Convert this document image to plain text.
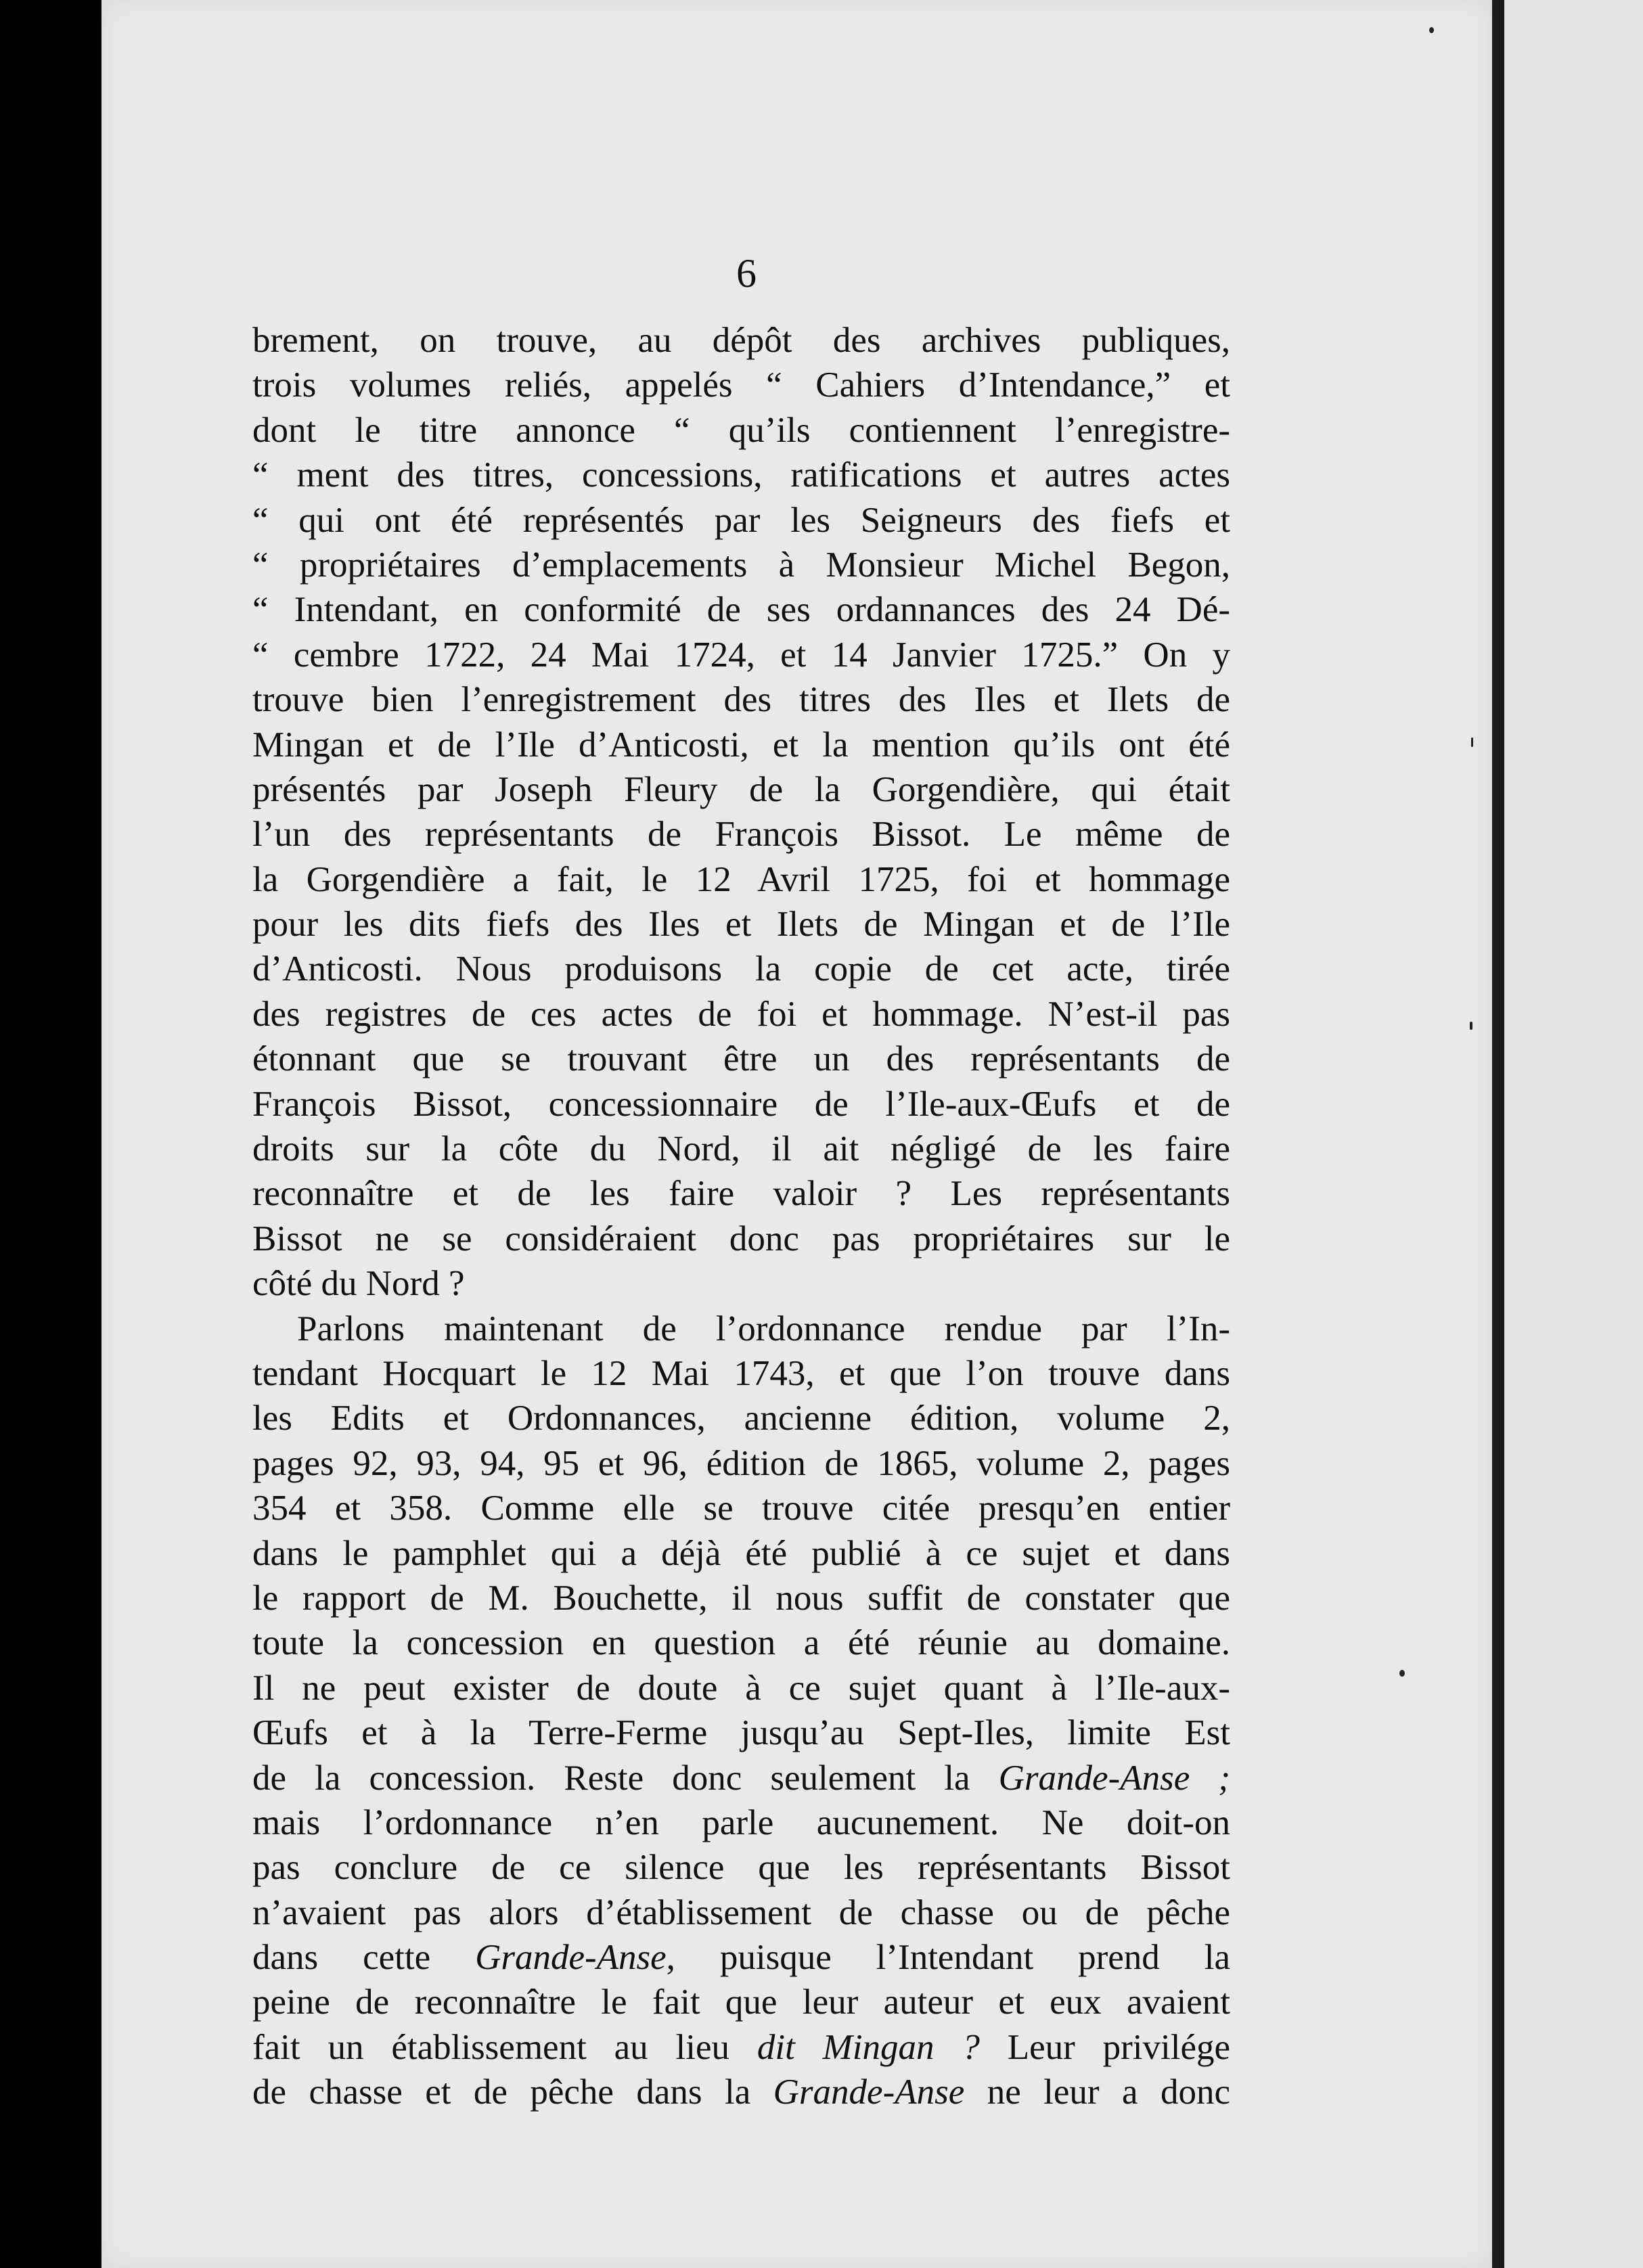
6
brement, on trouve, au dépôt des archives publiques,
trois volumes reliés, appelés “ Cahiers d’Intendance,” et
dont le titre annonce “ qu’ils contiennent l’enregistre-
“ ment des titres, concessions, ratifications et autres actes
“ qui ont été représentés par les Seigneurs des fiefs et
“ propriétaires d’emplacements à Monsieur Michel Begon,
“ Intendant, en conformité de ses ordannances des 24 Dé-
“ cembre 1722, 24 Mai 1724, et 14 Janvier 1725.” On y
trouve bien l’enregistrement des titres des Iles et Ilets de
Mingan et de l’Ile d’Anticosti, et la mention qu’ils ont été
présentés par Joseph Fleury de la Gorgendière, qui était
l’un des représentants de François Bissot. Le même de
la Gorgendière a fait, le 12 Avril 1725, foi et hommage
pour les dits fiefs des Iles et Ilets de Mingan et de l’Ile
d’Anticosti. Nous produisons la copie de cet acte, tirée
des registres de ces actes de foi et hommage. N’est-il pas
étonnant que se trouvant être un des représentants de
François Bissot, concessionnaire de l’Ile-aux-Œufs et de
droits sur la côte du Nord, il ait négligé de les faire
reconnaître et de les faire valoir ? Les représentants
Bissot ne se considéraient donc pas propriétaires sur le
côté du Nord ?
Parlons maintenant de l’ordonnance rendue par l’In-
tendant Hocquart le 12 Mai 1743, et que l’on trouve dans
les Edits et Ordonnances, ancienne édition, volume 2,
pages 92, 93, 94, 95 et 96, édition de 1865, volume 2, pages
354 et 358. Comme elle se trouve citée presqu’en entier
dans le pamphlet qui a déjà été publié à ce sujet et dans
le rapport de M. Bouchette, il nous suffit de constater que
toute la concession en question a été réunie au domaine.
Il ne peut exister de doute à ce sujet quant à l’Ile-aux-
Œufs et à la Terre-Ferme jusqu’au Sept-Iles, limite Est
de la concession. Reste donc seulement la Grande-Anse ;
mais l’ordonnance n’en parle aucunement. Ne doit-on
pas conclure de ce silence que les représentants Bissot
n’avaient pas alors d’établissement de chasse ou de pêche
dans cette Grande-Anse, puisque l’Intendant prend la
peine de reconnaître le fait que leur auteur et eux avaient
fait un établissement au lieu dit Mingan ? Leur privilége
de chasse et de pêche dans la Grande-Anse ne leur a donc
